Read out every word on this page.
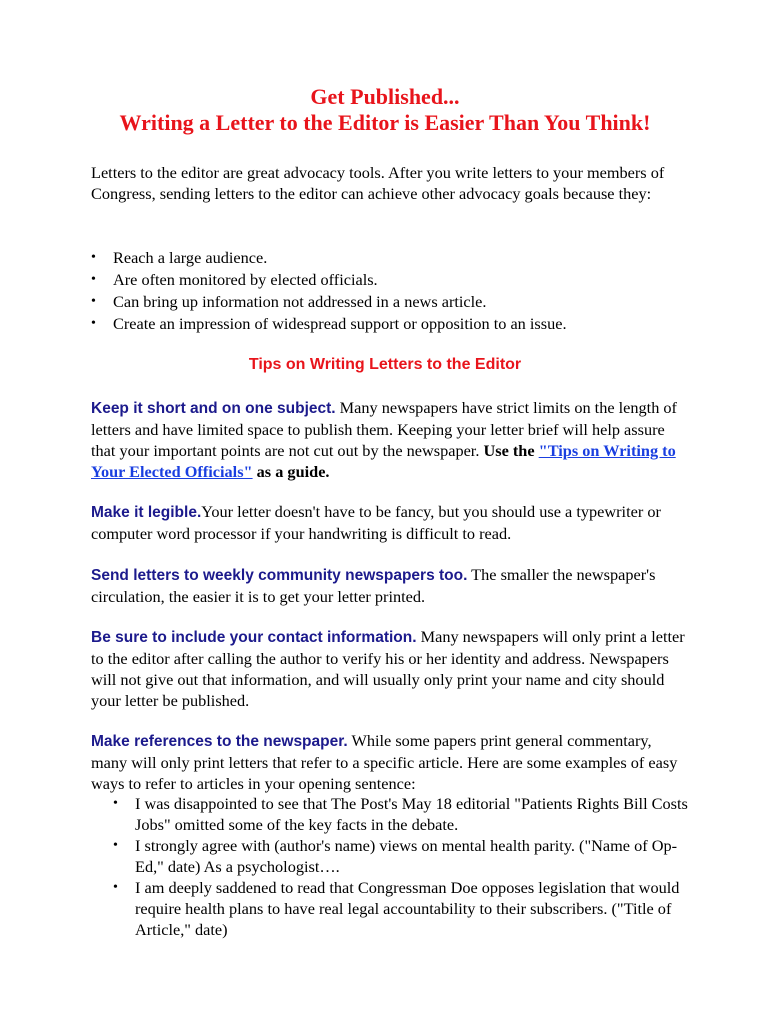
Get Published...
Writing a Letter to the Editor is Easier Than You Think!
Letters to the editor are great advocacy tools. After you write letters to your members of Congress, sending letters to the editor can achieve other advocacy goals because they:
• Reach a large audience.
• Are often monitored by elected officials.
• Can bring up information not addressed in a news article.
• Create an impression of widespread support or opposition to an issue.
Tips on Writing Letters to the Editor
Keep it short and on one subject. Many newspapers have strict limits on the length of letters and have limited space to publish them. Keeping your letter brief will help assure that your important points are not cut out by the newspaper. Use the "Tips on Writing to Your Elected Officials" as a guide.
Make it legible.Your letter doesn't have to be fancy, but you should use a typewriter or computer word processor if your handwriting is difficult to read.
Send letters to weekly community newspapers too. The smaller the newspaper's circulation, the easier it is to get your letter printed.
Be sure to include your contact information. Many newspapers will only print a letter to the editor after calling the author to verify his or her identity and address. Newspapers will not give out that information, and will usually only print your name and city should your letter be published.
Make references to the newspaper. While some papers print general commentary, many will only print letters that refer to a specific article. Here are some examples of easy ways to refer to articles in your opening sentence:
• I was disappointed to see that The Post's May 18 editorial "Patients Rights Bill Costs Jobs" omitted some of the key facts in the debate.
• I strongly agree with (author's name) views on mental health parity. ("Name of Op-Ed," date) As a psychologist….
• I am deeply saddened to read that Congressman Doe opposes legislation that would require health plans to have real legal accountability to their subscribers. ("Title of Article," date)
